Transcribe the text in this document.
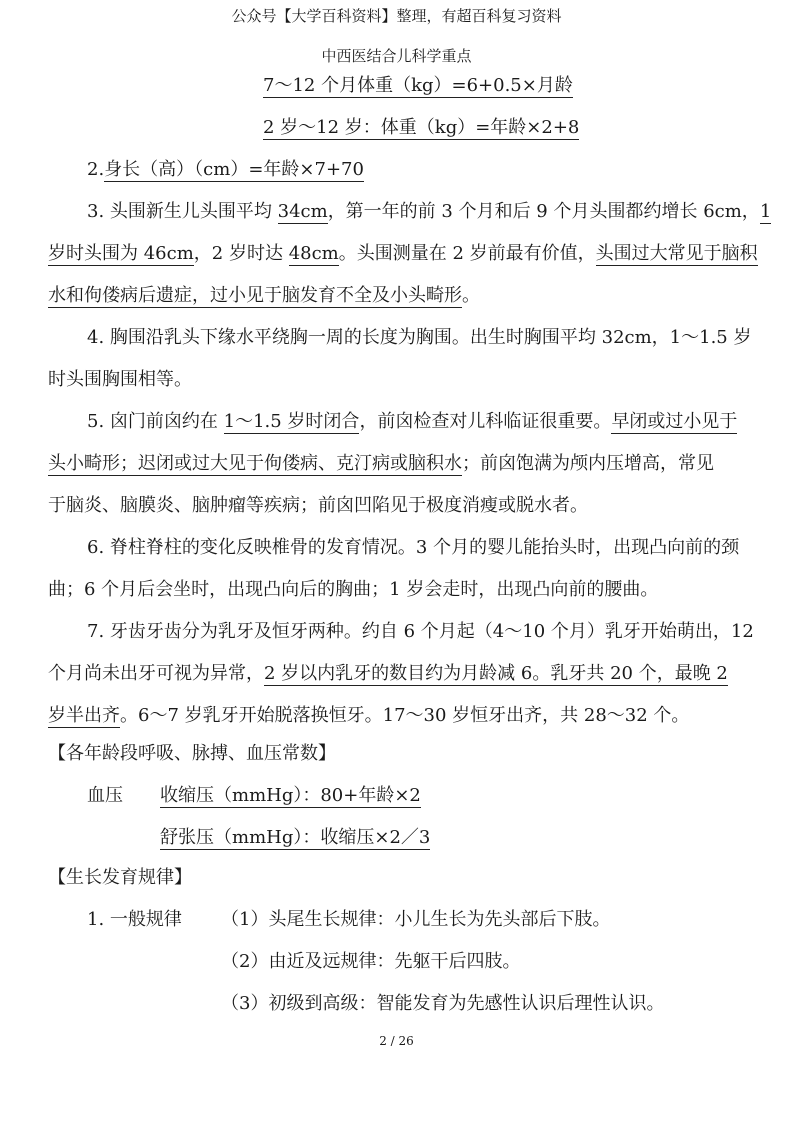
公众号【大学百科资料】整理，有超百科复习资料
中西医结合儿科学重点
7～12 个月体重（kg）=6+0.5×月龄
2 岁～12 岁：体重（kg）=年龄×2+8
2.身长（高）（cm）=年龄×7+70
3. 头围新生儿头围平均 34cm，第一年的前 3 个月和后 9 个月头围都约增长 6cm，1
岁时头围为 46cm，2 岁时达 48cm。头围测量在 2 岁前最有价值，头围过大常见于脑积
水和佝偻病后遗症，过小见于脑发育不全及小头畸形。
4. 胸围沿乳头下缘水平绕胸一周的长度为胸围。出生时胸围平均 32cm，1～1.5 岁
时头围胸围相等。
5. 囟门前囟约在 1～1.5 岁时闭合，前囟检查对儿科临证很重要。早闭或过小见于
头小畸形；迟闭或过大见于佝偻病、克汀病或脑积水；前囟饱满为颅内压增高，常见
于脑炎、脑膜炎、脑肿瘤等疾病；前囟凹陷见于极度消瘦或脱水者。
6. 脊柱脊柱的变化反映椎骨的发育情况。3 个月的婴儿能抬头时，出现凸向前的颈
曲；6 个月后会坐时，出现凸向后的胸曲；1 岁会走时，出现凸向前的腰曲。
7. 牙齿牙齿分为乳牙及恒牙两种。约自 6 个月起（4～10 个月）乳牙开始萌出，12
个月尚未出牙可视为异常，2 岁以内乳牙的数目约为月龄减 6。乳牙共 20 个，最晚 2
岁半出齐。6～7 岁乳牙开始脱落换恒牙。17～30 岁恒牙出齐，共 28～32 个。
【各年龄段呼吸、脉搏、血压常数】
血压 收缩压（mmHg）：80+年龄×2
舒张压（mmHg）：收缩压×2／3
【生长发育规律】
1. 一般规律 （1）头尾生长规律：小儿生长为先头部后下肢。
（2）由近及远规律：先躯干后四肢。
（3）初级到高级：智能发育为先感性认识后理性认识。
2 / 26
